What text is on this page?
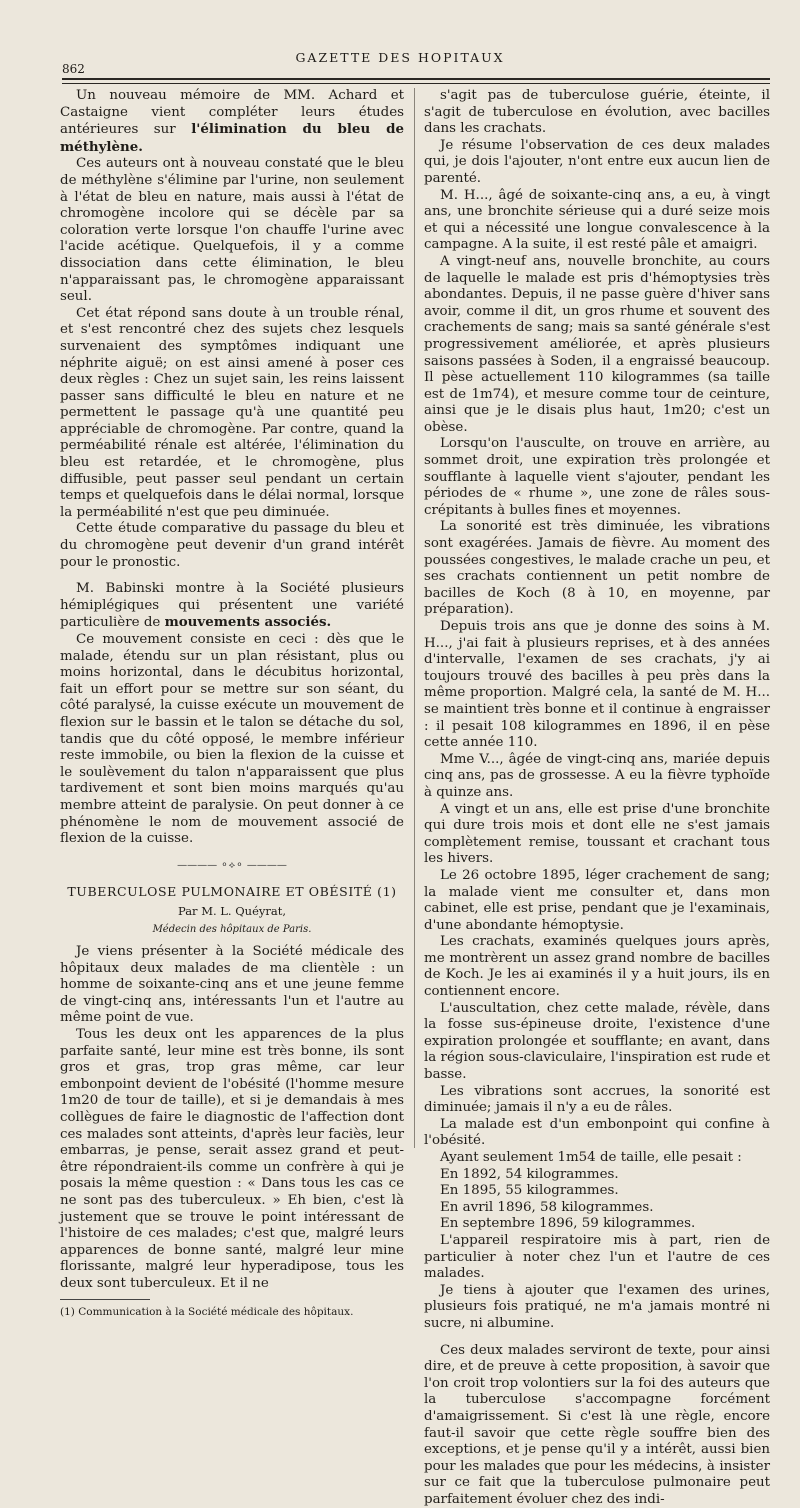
862
GAZETTE DES HOPITAUX

Un nouveau mémoire de MM. Achard et Castaigne vient compléter leurs études antérieures sur l'élimination du bleu de méthylène.

Ces auteurs ont à nouveau constaté que le bleu de méthylène s'élimine par l'urine, non seulement à l'état de bleu en nature, mais aussi à l'état de chromogène incolore qui se décèle par sa coloration verte lorsque l'on chauffe l'urine avec l'acide acétique. Quelquefois, il y a comme dissociation dans cette élimination, le bleu n'apparaissant pas, le chromogène apparaissant seul.

Cet état répond sans doute à un trouble rénal, et s'est rencontré chez des sujets chez lesquels survenaient des symptômes indiquant une néphrite aiguë; on est ainsi amené à poser ces deux règles : Chez un sujet sain, les reins laissent passer sans difficulté le bleu en nature et ne permettent le passage qu'à une quantité peu appréciable de chromogène. Par contre, quand la perméabilité rénale est altérée, l'élimination du bleu est retardée, et le chromogène, plus diffusible, peut passer seul pendant un certain temps et quelquefois dans le délai normal, lorsque la perméabilité n'est que peu diminuée.

Cette étude comparative du passage du bleu et du chromogène peut devenir d'un grand intérêt pour le pronostic.

M. Babinski montre à la Société plusieurs hémiplégiques qui présentent une variété particulière de mouvements associés.

Ce mouvement consiste en ceci : dès que le malade, étendu sur un plan résistant, plus ou moins horizontal, dans le décubitus horizontal, fait un effort pour se mettre sur son séant, du côté paralysé, la cuisse exécute un mouvement de flexion sur le bassin et le talon se détache du sol, tandis que du côté opposé, le membre inférieur reste immobile, ou bien la flexion de la cuisse et le soulèvement du talon n'apparaissent que plus tardivement et sont bien moins marqués qu'au membre atteint de paralysie. On peut donner à ce phénomène le nom de mouvement associé de flexion de la cuisse.

———— ⚬⟡⚬ ————
TUBERCULOSE PULMONAIRE ET OBÉSITÉ (1)
Par M. L. Quéyrat,
Médecin des hôpitaux de Paris.

Je viens présenter à la Société médicale des hôpitaux deux malades de ma clientèle : un homme de soixante-cinq ans et une jeune femme de vingt-cinq ans, intéressants l'un et l'autre au même point de vue.

Tous les deux ont les apparences de la plus parfaite santé, leur mine est très bonne, ils sont gros et gras, trop gras même, car leur embonpoint devient de l'obésité (l'homme mesure 1m20 de tour de taille), et si je demandais à mes collègues de faire le diagnostic de l'affection dont ces malades sont atteints, d'après leur faciès, leur embarras, je pense, serait assez grand et peut-être répondraient-ils comme un confrère à qui je posais la même question : « Dans tous les cas ce ne sont pas des tuberculeux. » Eh bien, c'est là justement que se trouve le point intéressant de l'histoire de ces malades; c'est que, malgré leurs apparences de bonne santé, malgré leur mine florissante, malgré leur hyperadipose, tous les deux sont tuberculeux. Et il ne

(1) Communication à la Société médicale des hôpitaux.

s'agit pas de tuberculose guérie, éteinte, il s'agit de tuberculose en évolution, avec bacilles dans les crachats.

Je résume l'observation de ces deux malades qui, je dois l'ajouter, n'ont entre eux aucun lien de parenté.

M. H..., âgé de soixante-cinq ans, a eu, à vingt ans, une bronchite sérieuse qui a duré seize mois et qui a nécessité une longue convalescence à la campagne. A la suite, il est resté pâle et amaigri.

A vingt-neuf ans, nouvelle bronchite, au cours de laquelle le malade est pris d'hémoptysies très abondantes. Depuis, il ne passe guère d'hiver sans avoir, comme il dit, un gros rhume et souvent des crachements de sang; mais sa santé générale s'est progressivement améliorée, et après plusieurs saisons passées à Soden, il a engraissé beaucoup. Il pèse actuellement 110 kilogrammes (sa taille est de 1m74), et mesure comme tour de ceinture, ainsi que je le disais plus haut, 1m20; c'est un obèse.

Lorsqu'on l'ausculte, on trouve en arrière, au sommet droit, une expiration très prolongée et soufflante à laquelle vient s'ajouter, pendant les périodes de « rhume », une zone de râles sous-crépitants à bulles fines et moyennes.

La sonorité est très diminuée, les vibrations sont exagérées. Jamais de fièvre. Au moment des poussées congestives, le malade crache un peu, et ses crachats contiennent un petit nombre de bacilles de Koch (8 à 10, en moyenne, par préparation).

Depuis trois ans que je donne des soins à M. H..., j'ai fait à plusieurs reprises, et à des années d'intervalle, l'examen de ses crachats, j'y ai toujours trouvé des bacilles à peu près dans la même proportion. Malgré cela, la santé de M. H... se maintient très bonne et il continue à engraisser : il pesait 108 kilogrammes en 1896, il en pèse cette année 110.

Mme V..., âgée de vingt-cinq ans, mariée depuis cinq ans, pas de grossesse. A eu la fièvre typhoïde à quinze ans.

A vingt et un ans, elle est prise d'une bronchite qui dure trois mois et dont elle ne s'est jamais complètement remise, toussant et crachant tous les hivers.

Le 26 octobre 1895, léger crachement de sang; la malade vient me consulter et, dans mon cabinet, elle est prise, pendant que je l'examinais, d'une abondante hémoptysie.

Les crachats, examinés quelques jours après, me montrèrent un assez grand nombre de bacilles de Koch. Je les ai examinés il y a huit jours, ils en contiennent encore.

L'auscultation, chez cette malade, révèle, dans la fosse sus-épineuse droite, l'existence d'une expiration prolongée et soufflante; en avant, dans la région sous-claviculaire, l'inspiration est rude et basse.

Les vibrations sont accrues, la sonorité est diminuée; jamais il n'y a eu de râles.

La malade est d'un embonpoint qui confine à l'obésité.

Ayant seulement 1m54 de taille, elle pesait :

En 1892, 54 kilogrammes.

En 1895, 55 kilogrammes.

En avril 1896, 58 kilogrammes.

En septembre 1896, 59 kilogrammes.

L'appareil respiratoire mis à part, rien de particulier à noter chez l'un et l'autre de ces malades.

Je tiens à ajouter que l'examen des urines, plusieurs fois pratiqué, ne m'a jamais montré ni sucre, ni albumine.

Ces deux malades serviront de texte, pour ainsi dire, et de preuve à cette proposition, à savoir que l'on croit trop volontiers sur la foi des auteurs que la tuberculose s'accompagne forcément d'amaigrissement. Si c'est là une règle, encore faut-il savoir que cette règle souffre bien des exceptions, et je pense qu'il y a intérêt, aussi bien pour les malades que pour les médecins, à insister sur ce fait que la tuberculose pulmonaire peut parfaitement évoluer chez des indi-
